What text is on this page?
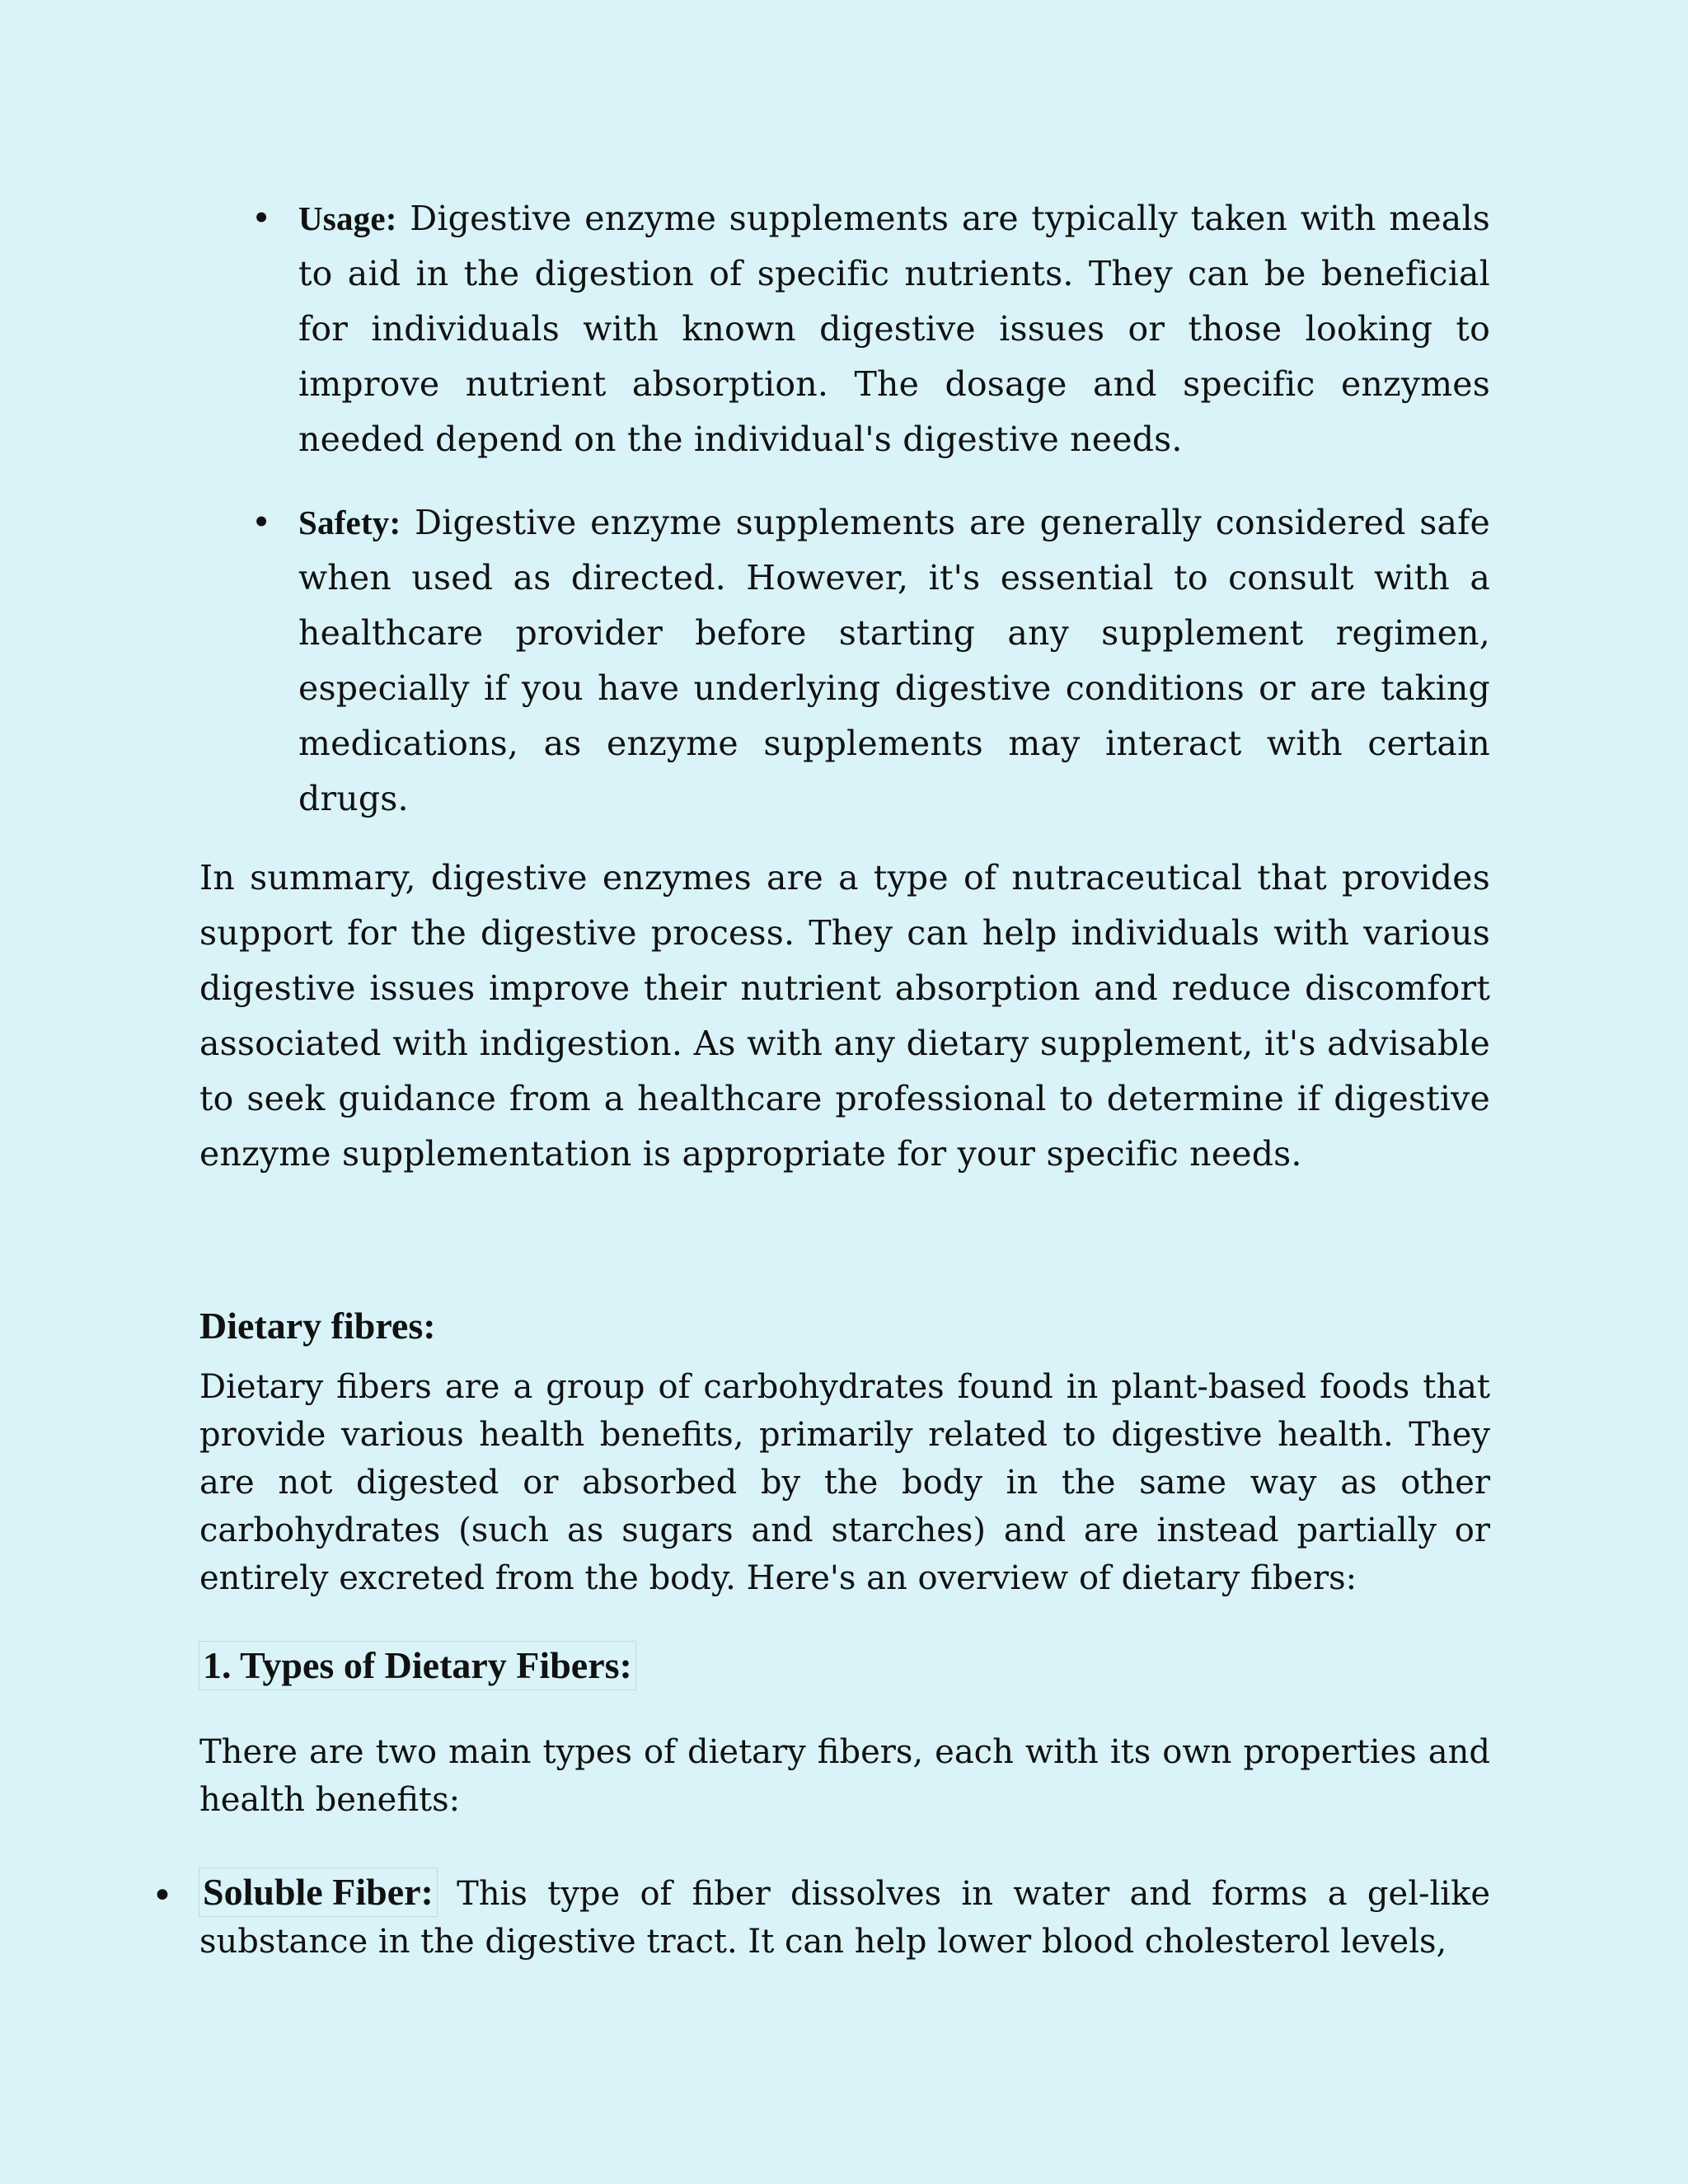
• Usage: Digestive enzyme supplements are typically taken with meals to aid in the digestion of specific nutrients. They can be beneficial for individuals with known digestive issues or those looking to improve nutrient absorption. The dosage and specific enzymes needed depend on the individual's digestive needs.
• Safety: Digestive enzyme supplements are generally considered safe when used as directed. However, it's essential to consult with a healthcare provider before starting any supplement regimen, especially if you have underlying digestive conditions or are taking medications, as enzyme supplements may interact with certain drugs.

In summary, digestive enzymes are a type of nutraceutical that provides support for the digestive process. They can help individuals with various digestive issues improve their nutrient absorption and reduce discomfort associated with indigestion. As with any dietary supplement, it's advisable to seek guidance from a healthcare professional to determine if digestive enzyme supplementation is appropriate for your specific needs.

Dietary fibres:

Dietary fibers are a group of carbohydrates found in plant-based foods that provide various health benefits, primarily related to digestive health. They are not digested or absorbed by the body in the same way as other carbohydrates (such as sugars and starches) and are instead partially or entirely excreted from the body. Here's an overview of dietary fibers:

1. Types of Dietary Fibers:

There are two main types of dietary fibers, each with its own properties and health benefits:

• Soluble Fiber: This type of fiber dissolves in water and forms a gel-like substance in the digestive tract. It can help lower blood cholesterol levels,
